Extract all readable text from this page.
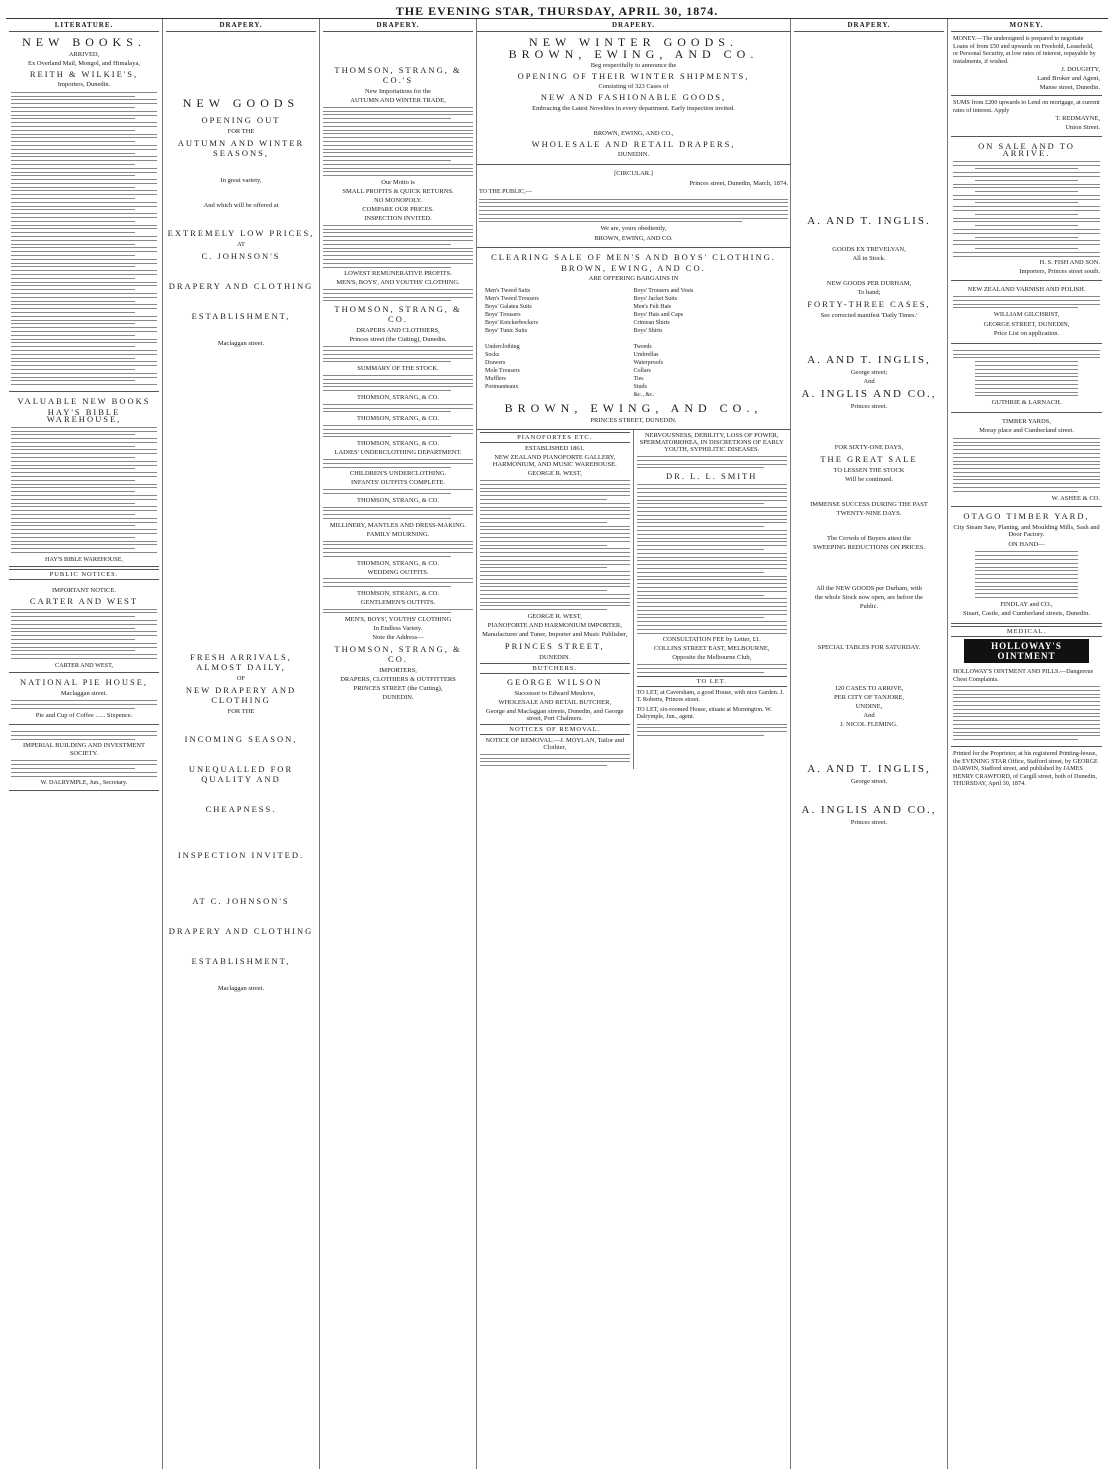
THE EVENING STAR, THURSDAY, APRIL 30, 1874.
LITERATURE.
NEW BOOKS.
ARRIVED,
Ex Overland Mail, Mongol, and Himalaya,
REITH & WILKIE'S,
Importers, Dunedin.
VALUABLE NEW BOOKS
HAY'S BIBLE WAREHOUSE,
HAY'S BIBLE WAREHOUSE,
PUBLIC NOTICES.
IMPORTANT NOTICE.
CARTER AND WEST
CARTER AND WEST,
NATIONAL PIE HOUSE,
Maclaggan street.
Pie and Cup of Coffee ...... Sixpence.
IMPERIAL BUILDING AND INVESTMENT SOCIETY.
W. DALRYMPLE, Jun., Secretary.
DRAPERY.
NEW GOODS
OPENING OUT
FOR THE
AUTUMN AND WINTER SEASONS,
In great variety,
And which will be offered at
EXTREMELY LOW PRICES,
AT
C. JOHNSON'S
DRAPERY AND CLOTHING
ESTABLISHMENT,
Maclaggan street.
FRESH ARRIVALS, ALMOST DAILY,
OF
NEW DRAPERY AND CLOTHING
FOR THE
INCOMING SEASON,
UNEQUALLED FOR QUALITY AND
CHEAPNESS.
INSPECTION INVITED.
AT C. JOHNSON'S
DRAPERY AND CLOTHING
ESTABLISHMENT,
Maclaggan street.
DRAPERY.
THOMSON, STRANG, & CO.'S
New Importations for the
AUTUMN AND WINTER TRADE,
Our Motto is
SMALL PROFITS & QUICK RETURNS.
NO MONOPOLY.
COMPARE OUR PRICES.
INSPECTION INVITED.
LOWEST REMUNERATIVE PROFITS.
MEN'S, BOYS', AND YOUTHS' CLOTHING.
THOMSON, STRANG, & CO.
DRAPERS AND CLOTHIERS,
Princes street (the Cutting), Dunedin.
SUMMARY OF THE STOCK.
THOMSON, STRANG, & CO.
THOMSON, STRANG, & CO.
THOMSON, STRANG, & CO.
LADIES' UNDERCLOTHING DEPARTMENT.
CHILDREN'S UNDERCLOTHING.
INFANTS' OUTFITS COMPLETE.
THOMSON, STRANG, & CO.
MILLINERY, MANTLES AND DRESS-MAKING.
FAMILY MOURNING.
THOMSON, STRANG, & CO.
WEDDING OUTFITS.
THOMSON, STRANG, & CO.
GENTLEMEN'S OUTFITS.
MEN'S, BOYS', YOUTHS' CLOTHING
In Endless Variety.
Note the Address—
THOMSON, STRANG, & CO.
IMPORTERS,
DRAPERS, CLOTHIERS & OUTFITTERS
PRINCES STREET (the Cutting),
DUNEDIN.
DRAPERY.
NEW WINTER GOODS.
BROWN, EWING, AND CO.
Beg respectfully to announce the
OPENING OF THEIR WINTER SHIPMENTS,
Consisting of 323 Cases of
NEW AND FASHIONABLE GOODS,
Embracing the Latest Novelties in every department. Early inspection invited.
BROWN, EWING, AND CO.,
WHOLESALE AND RETAIL DRAPERS,
DUNEDIN.
[CIRCULAR.]
Princes street, Dunedin, March, 1874.

TO THE PUBLIC,—

We are, yours obediently,
BROWN, EWING, AND CO.
CLEARING SALE OF MEN'S AND BOYS' CLOTHING.
BROWN, EWING, AND CO.
ARE OFFERING BARGAINS IN
Men's Tweed Suits
Men's Tweed Trousers
Boys' Galatea Suits
Boys' Trousers
Boys' Knickerbockers
Boys' Tunic Suits
Underclothing
Socks
Drawers
Mole Trousers
Mufflers
Portmanteaux
Boys' Trousers and Vests
Boys' Jacket Suits
Men's Felt Hats
Boys' Hats and Caps
Crimean Shirts
Boys' Shirts
Tweeds
Umbrellas
Waterproofs
Collars
Ties
Studs
&c., &c.
BROWN, EWING, AND CO.,
PRINCES STREET, DUNEDIN.
PIANOFORTES ETC.
ESTABLISHED 1861.
NEW ZEALAND PIANOFORTE GALLERY, HARMONIUM, AND MUSIC WAREHOUSE.
GEORGE R. WEST,
GEORGE R. WEST,
PIANOFORTE AND HARMONIUM IMPORTER,
Manufacturer and Tuner, Importer and Music Publisher,
PRINCES STREET,
DUNEDIN.
BUTCHERS.
GEORGE WILSON
Successor to Edward Meulove,
WHOLESALE AND RETAIL BUTCHER,
George and Maclaggan streets, Dunedin, and George street, Port Chalmers.
NOTICES OF REMOVAL.
NOTICE OF REMOVAL.—J. MOYLAN, Tailor and Clothier,
NERVOUSNESS, DEBILITY, LOSS OF POWER, SPERMATORRHŒA, IN DISCRETIONS OF EARLY YOUTH, SYPHILITIC DISEASES.
DR. L. L. SMITH
CONSULTATION FEE by Letter, £1.
COLLINS STREET EAST, MELBOURNE,
Opposite the Melbourne Club,
TO LET.

TO LET, at Caversham, a good House, with nice Garden. J. T. Roberts, Princes street.

TO LET, six-roomed House, situate at Mornington. W. Dalrymple, Jun., agent.

DRAPERY.
A. AND T. INGLIS.
GOODS EX TREVELYAN,
All in Stock.
NEW GOODS PER DURHAM,
To hand;
FORTY-THREE CASES,
See corrected manifest 'Daily Times.'
A. AND T. INGLIS,
George street;
And
A. INGLIS AND CO.,
Princes street.
FOR SIXTY-ONE DAYS,
THE GREAT SALE
TO LESSEN THE STOCK
Will be continued.
IMMENSE SUCCESS DURING THE PAST
TWENTY-NINE DAYS.
The Crowds of Buyers attest the
SWEEPING REDUCTIONS ON PRICES.
All the NEW GOODS per Durham, with
the whole Stock now open, are before the
Public.
SPECIAL TABLES FOR SATURDAY.
120 CASES TO ARRIVE,
PER CITY OF TANJORE,
UNDINE,
And
J. NICOL FLEMING.
A. AND T. INGLIS,
George street.
A. INGLIS AND CO.,
Princes street.
MONEY.

MONEY.—The undersigned is prepared to negotiate Loans of from £50 and upwards on Freehold, Leasehold, or Personal Security, at low rates of interest, repayable by instalments, if wished.

J. DOUGHTY,
Land Broker and Agent,
Manse street, Dunedin.

SUMS from £200 upwards to Lend on mortgage, at current rates of interest. Apply

T. REDMAYNE,
Union Street.
ON SALE AND TO ARRIVE.
H. S. FISH AND SON.
Importers, Princes street south.
NEW ZEALAND VARNISH AND POLISH.
WILLIAM GILCHRIST,
GEORGE STREET, DUNEDIN,
Price List on application.
GUTHRIE & LARNACH.
TIMBER YARDS,
Moray place and Cumberland street.
W. ASHEE & CO.
OTAGO TIMBER YARD,
City Steam Saw, Planing, and Moulding Mills, Sash and Door Factory.
ON HAND—
FINDLAY and CO.,
Stuart, Castle, and Cumberland streets, Dunedin.
MEDICAL.
HOLLOWAY'S OINTMENT

HOLLOWAY'S OINTMENT AND PILLS.—Dangerous Chest Complaints.

Printed for the Proprietor, at his registered Printing-house, the EVENING STAR Office, Stafford street, by GEORGE DARWIN, Stafford street, and published by JAMES HENRY CRAWFORD, of Cargill street, both of Dunedin, THURSDAY, April 30, 1874.
